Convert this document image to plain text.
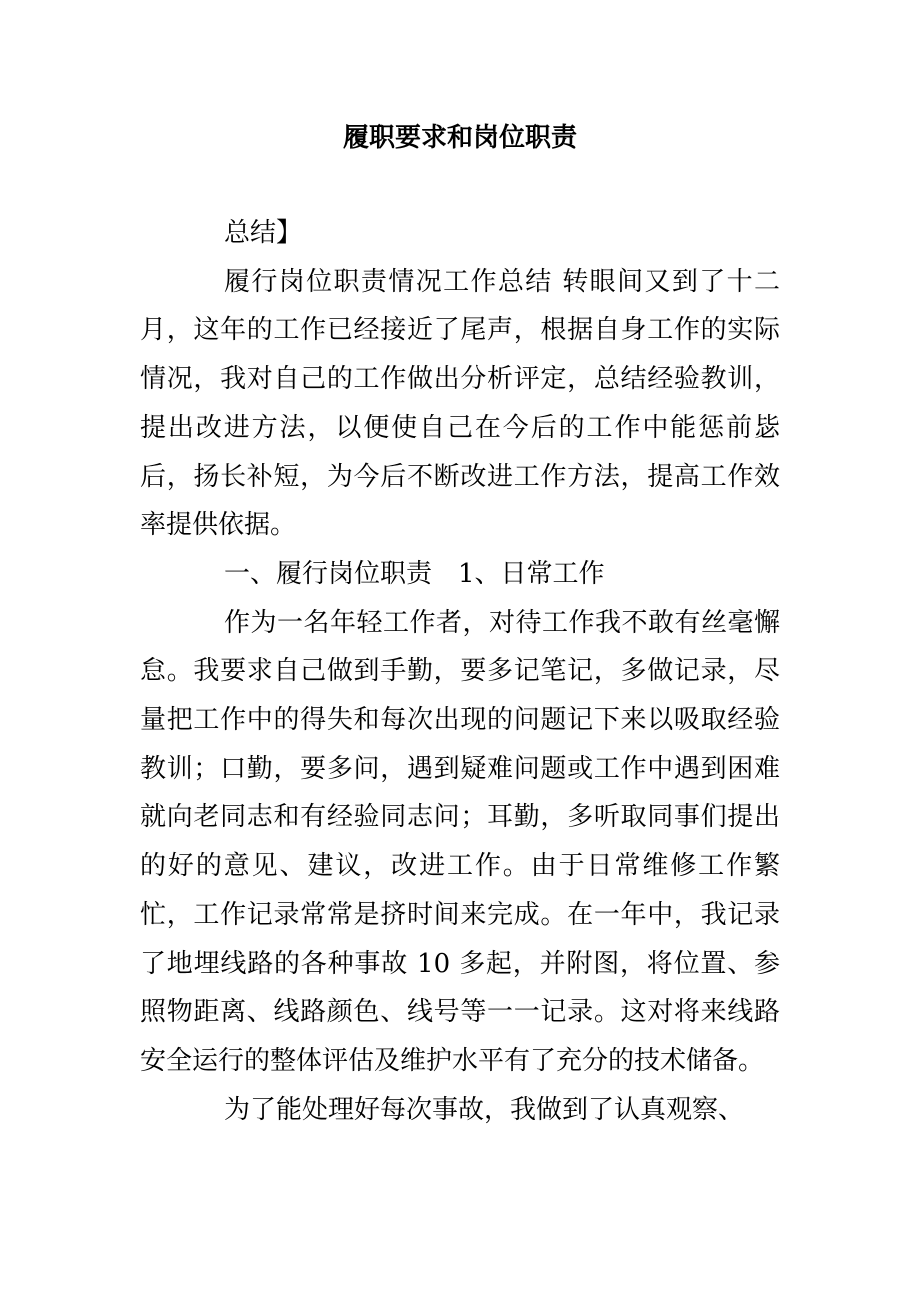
履职要求和岗位职责

总结】

履行岗位职责情况工作总结 转眼间又到了十二月，这年的工作已经接近了尾声，根据自身工作的实际情况，我对自己的工作做出分析评定，总结经验教训，提出改进方法，以便使自己在今后的工作中能惩前毖后，扬长补短，为今后不断改进工作方法，提高工作效率提供依据。

一、履行岗位职责　1、日常工作

作为一名年轻工作者，对待工作我不敢有丝毫懈怠。我要求自己做到手勤，要多记笔记，多做记录，尽量把工作中的得失和每次出现的问题记下来以吸取经验教训；口勤，要多问，遇到疑难问题或工作中遇到困难就向老同志和有经验同志问；耳勤，多听取同事们提出的好的意见、建议，改进工作。由于日常维修工作繁忙，工作记录常常是挤时间来完成。在一年中，我记录了地埋线路的各种事故 10 多起，并附图，将位置、参照物距离、线路颜色、线号等一一记录。这对将来线路安全运行的整体评估及维护水平有了充分的技术储备。

为了能处理好每次事故，我做到了认真观察、
